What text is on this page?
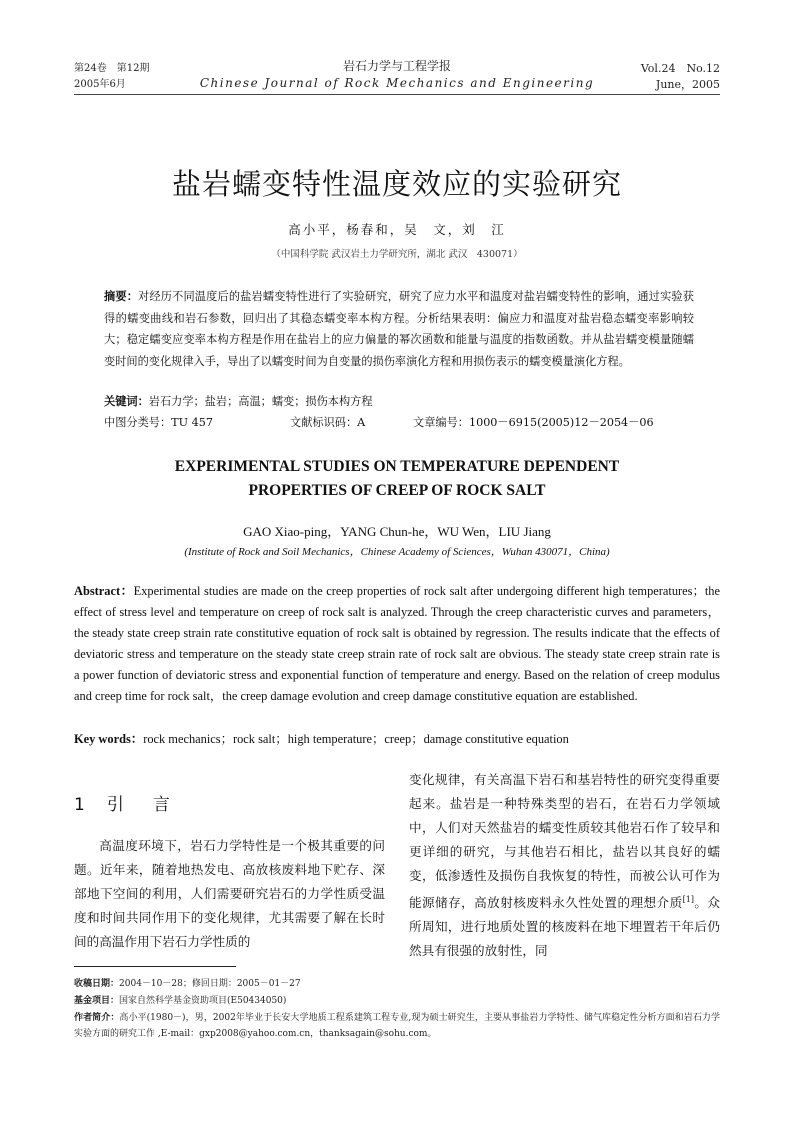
第24卷　第12期
2005年6月
岩石力学与工程学报
Chinese Journal of Rock Mechanics and Engineering
Vol.24　No.12
June，2005
盐岩蠕变特性温度效应的实验研究
高小平，杨春和，吴　文，刘　江
（中国科学院 武汉岩土力学研究所，湖北 武汉　430071）
摘要：对经历不同温度后的盐岩蠕变特性进行了实验研究，研究了应力水平和温度对盐岩蠕变特性的影响，通过实验获得的蠕变曲线和岩石参数，回归出了其稳态蠕变率本构方程。分析结果表明：偏应力和温度对盐岩稳态蠕变率影响较大；稳定蠕变应变率本构方程是作用在盐岩上的应力偏量的幂次函数和能量与温度的指数函数。并从盐岩蠕变模量随蠕变时间的变化规律入手，导出了以蠕变时间为自变量的损伤率演化方程和用损伤表示的蠕变模量演化方程。
关键词：岩石力学；盐岩；高温；蠕变；损伤本构方程
中图分类号：TU 457	文献标识码：A	文章编号：1000－6915(2005)12－2054－06
EXPERIMENTAL STUDIES ON TEMPERATURE DEPENDENT
PROPERTIES OF CREEP OF ROCK SALT
GAO Xiao-ping，YANG Chun-he，WU Wen，LIU Jiang
(Institute of Rock and Soil Mechanics，Chinese Academy of Sciences，Wuhan 430071，China)
Abstract：Experimental studies are made on the creep properties of rock salt after undergoing different high temperatures；the effect of stress level and temperature on creep of rock salt is analyzed. Through the creep characteristic curves and parameters，the steady state creep strain rate constitutive equation of rock salt is obtained by regression. The results indicate that the effects of deviatoric stress and temperature on the steady state creep strain rate of rock salt are obvious. The steady state creep strain rate is a power function of deviatoric stress and exponential function of temperature and energy. Based on the relation of creep modulus and creep time for rock salt，the creep damage evolution and creep damage constitutive equation are established.
Key words：rock mechanics；rock salt；high temperature；creep；damage constitutive equation
1 引　言
高温度环境下，岩石力学特性是一个极其重要的问题。近年来，随着地热发电、高放核废料地下贮存、深部地下空间的利用，人们需要研究岩石的力学性质受温度和时间共同作用下的变化规律，尤其需要了解在长时间的高温作用下岩石力学性质的
变化规律，有关高温下岩石和基岩特性的研究变得重要起来。盐岩是一种特殊类型的岩石，在岩石力学领域中，人们对天然盐岩的蠕变性质较其他岩石作了较早和更详细的研究，与其他岩石相比，盐岩以其良好的蠕变，低渗透性及损伤自我恢复的特性，而被公认可作为能源储存，高放射核废料永久性处置的理想介质[1]。众所周知，进行地质处置的核废料在地下埋置若干年后仍然具有很强的放射性，同
收稿日期：2004－10－28；修回日期：2005－01－27
基金项目：国家自然科学基金资助项目(E50434050)
作者简介：高小平(1980－)，男，2002年毕业于长安大学地质工程系建筑工程专业,现为硕士研究生，主要从事盐岩力学特性、储气库稳定性分析方面和岩石力学实验方面的研究工作 ,E-mail：gxp2008@yahoo.com.cn，thanksagain@sohu.com。
